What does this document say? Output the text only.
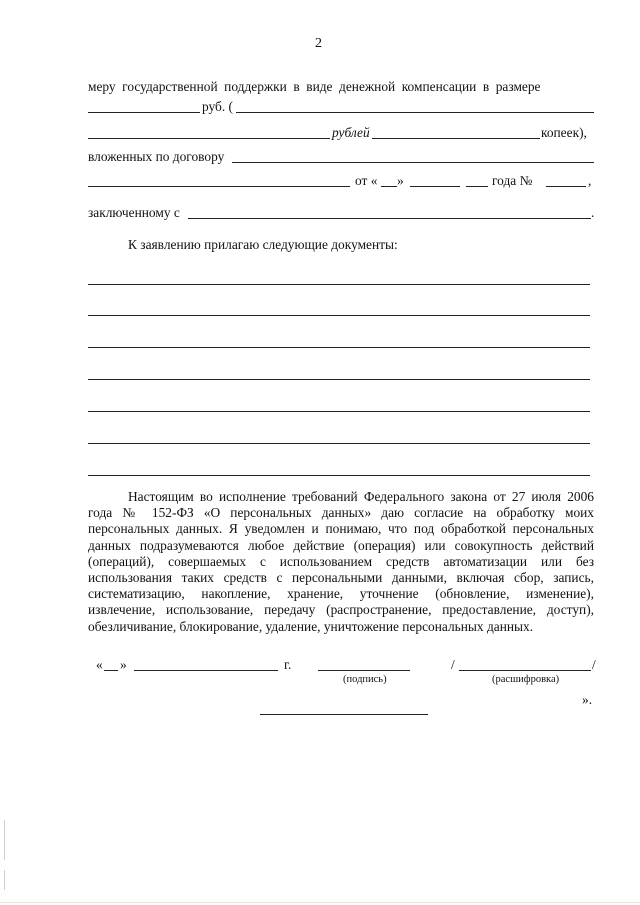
2
меру государственной поддержки в виде денежной компенсации в размере
руб. (
рублей	копеек),
вложенных по договору
от « »	года №	,
заключенному с	.
К заявлению прилагаю следующие документы:
Настоящим во исполнение требований Федерального закона от 27 июля 2006 года № 152-ФЗ «О персональных данных» даю согласие на обработку моих персональных данных. Я уведомлен и понимаю, что под обработкой персональных данных подразумеваются любое действие (операция) или совокупность действий (операций), совершаемых с использованием средств автоматизации или без использования таких средств с персональными данными, включая сбор, запись, систематизацию, накопление, хранение, уточнение (обновление, изменение), извлечение, использование, передачу (распространение, предоставление, доступ), обезличивание, блокирование, удаление, уничтожение персональных данных.
« »	г.	/	/
(подпись)	(расшифровка)
».
